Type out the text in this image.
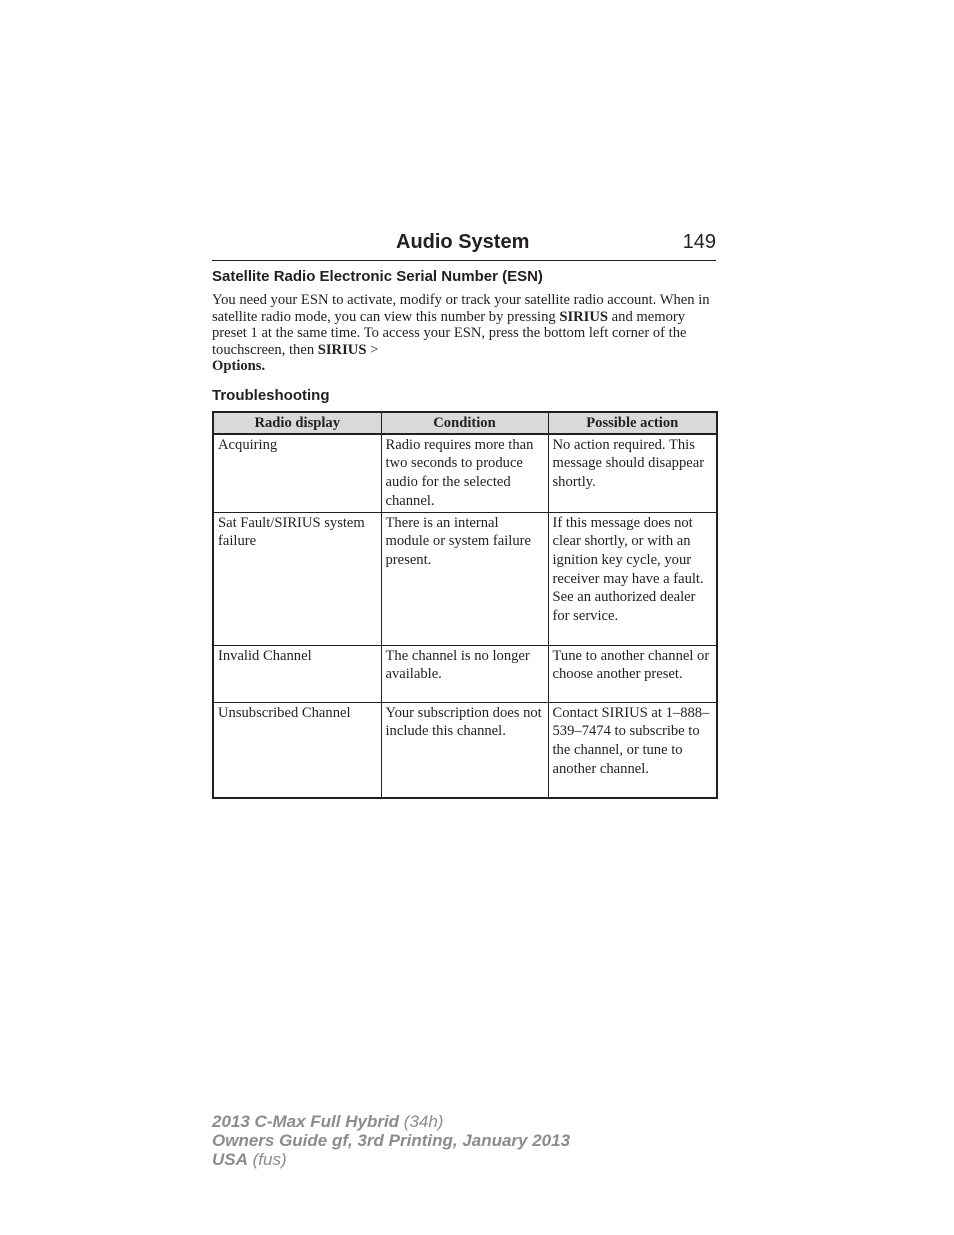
Audio System	149
Satellite Radio Electronic Serial Number (ESN)

You need your ESN to activate, modify or track your satellite radio account. When in satellite radio mode, you can view this number by pressing SIRIUS and memory preset 1 at the same time. To access your ESN, press the bottom left corner of the touchscreen, then SIRIUS >
Options.

Troubleshooting
Radio display	Condition	Possible action
Acquiring	Radio requires more than two seconds to produce audio for the selected channel.	No action required. This message should disappear shortly.
Sat Fault/SIRIUS system failure	There is an internal module or system failure present.	If this message does not clear shortly, or with an ignition key cycle, your receiver may have a fault. See an authorized dealer for service.
Invalid Channel	The channel is no longer available.	Tune to another channel or choose another preset.
Unsubscribed Channel	Your subscription does not include this channel.	Contact SIRIUS at 1–888–539–7474 to subscribe to the channel, or tune to another channel.
2013 C-Max Full Hybrid (34h)
Owners Guide gf, 3rd Printing, January 2013
USA (fus)
